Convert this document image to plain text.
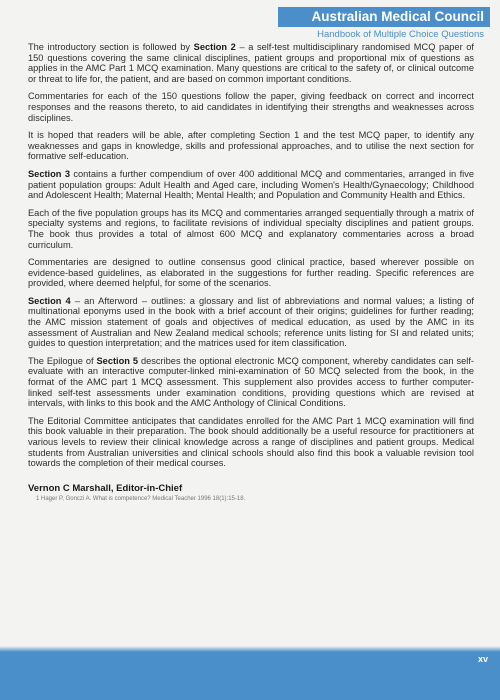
Australian Medical Council
Handbook of Multiple Choice Questions

The introductory section is followed by Section 2 – a self-test multidisciplinary randomised MCQ paper of 150 questions covering the same clinical disciplines, patient groups and proportional mix of questions as applies in the AMC Part 1 MCQ examination. Many questions are critical to the safety of, or clinical outcome or threat to life for, the patient, and are based on common important conditions.

Commentaries for each of the 150 questions follow the paper, giving feedback on correct and incorrect responses and the reasons thereto, to aid candidates in identifying their strengths and weaknesses across disciplines.

It is hoped that readers will be able, after completing Section 1 and the test MCQ paper, to identify any weaknesses and gaps in knowledge, skills and professional approaches, and to utilise the next section for formative self-education.

Section 3 contains a further compendium of over 400 additional MCQ and commentaries, arranged in five patient population groups: Adult Health and Aged care, including Women's Health/Gynaecology; Childhood and Adolescent Health; Maternal Health; Mental Health; and Population and Community Health and Ethics.

Each of the five population groups has its MCQ and commentaries arranged sequentially through a matrix of specialty systems and regions, to facilitate revisions of individual specialty disciplines and patient groups. The book thus provides a total of almost 600 MCQ and explanatory commentaries across a broad curriculum.

Commentaries are designed to outline consensus good clinical practice, based wherever possible on evidence-based guidelines, as elaborated in the suggestions for further reading. Specific references are provided, where deemed helpful, for some of the scenarios.

Section 4 – an Afterword – outlines: a glossary and list of abbreviations and normal values; a listing of multinational eponyms used in the book with a brief account of their origins; guidelines for further reading; the AMC mission statement of goals and objectives of medical education, as used by the AMC in its assessment of Australian and New Zealand medical schools; reference units listing for SI and related units; guides to question interpretation; and the matrices used for item classification.

The Epilogue of Section 5 describes the optional electronic MCQ component, whereby candidates can self-evaluate with an interactive computer-linked mini-examination of 50 MCQ selected from the book, in the format of the AMC part 1 MCQ assessment. This supplement also provides access to further computer-linked self-test assessments under examination conditions, providing questions which are revised at intervals, with links to this book and the AMC Anthology of Clinical Conditions.

The Editorial Committee anticipates that candidates enrolled for the AMC Part 1 MCQ examination will find this book valuable in their preparation. The book should additionally be a useful resource for practitioners at various levels to review their clinical knowledge across a range of disciplines and patient groups. Medical students from Australian universities and clinical schools should also find this book a valuable revision tool towards the completion of their medical courses.

Vernon C Marshall, Editor-in-Chief
1 Hager P, Gonczi A. What is competence? Medical Teacher 1996 18(1):15-18.
xv
